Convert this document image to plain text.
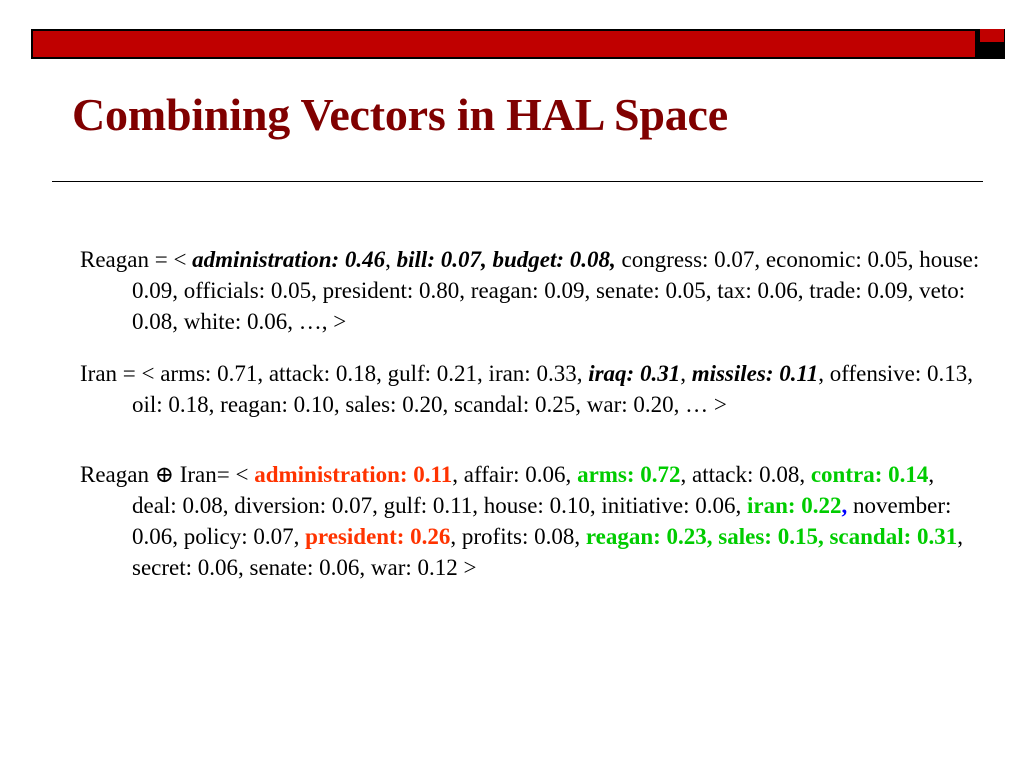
Combining Vectors in HAL Space

Reagan = < administration: 0.46, bill: 0.07, budget: 0.08, congress: 0.07, economic: 0.05, house: 0.09, officials: 0.05, president: 0.80, reagan: 0.09, senate: 0.05, tax: 0.06, trade: 0.09, veto: 0.08, white: 0.06, …, >

Iran = < arms: 0.71, attack: 0.18, gulf: 0.21, iran: 0.33, iraq: 0.31, missiles: 0.11, offensive: 0.13, oil: 0.18, reagan: 0.10, sales: 0.20, scandal: 0.25, war: 0.20, … >

Reagan ⊕ Iran= < administration: 0.11, affair: 0.06, arms: 0.72, attack: 0.08, contra: 0.14, deal: 0.08, diversion: 0.07, gulf: 0.11, house: 0.10, initiative: 0.06, iran: 0.22, november: 0.06, policy: 0.07, president: 0.26, profits: 0.08, reagan: 0.23, sales: 0.15, scandal: 0.31, secret: 0.06, senate: 0.06, war: 0.12 >
